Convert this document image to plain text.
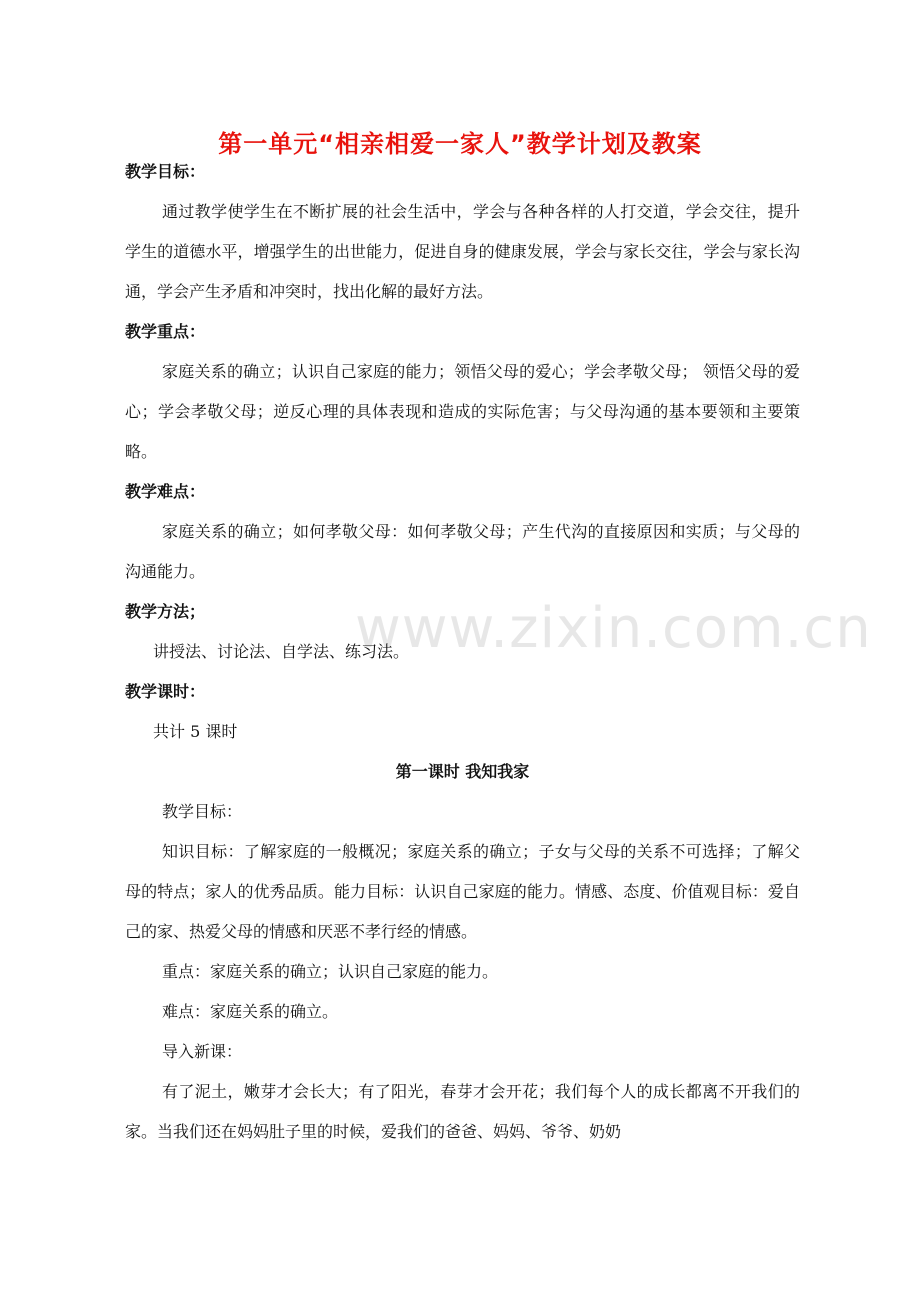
第一单元“相亲相爱一家人”教学计划及教案
www.zixin.com.cn

教学目标：

通过教学使学生在不断扩展的社会生活中，学会与各种各样的人打交道，学会交往，提升学生的道德水平，增强学生的出世能力，促进自身的健康发展，学会与家长交往，学会与家长沟通，学会产生矛盾和冲突时，找出化解的最好方法。

教学重点：

家庭关系的确立；认识自己家庭的能力；领悟父母的爱心；学会孝敬父母； 领悟父母的爱心；学会孝敬父母；逆反心理的具体表现和造成的实际危害；与父母沟通的基本要领和主要策略。

教学难点：

家庭关系的确立；如何孝敬父母：如何孝敬父母；产生代沟的直接原因和实质；与父母的沟通能力。

教学方法；

讲授法、讨论法、自学法、练习法。

教学课时：

共计 5 课时

第一课时 我知我家

教学目标：

知识目标：了解家庭的一般概况；家庭关系的确立；子女与父母的关系不可选择；了解父母的特点；家人的优秀品质。能力目标：认识自己家庭的能力。情感、态度、价值观目标：爱自己的家、热爱父母的情感和厌恶不孝行经的情感。

重点：家庭关系的确立；认识自己家庭的能力。

难点：家庭关系的确立。

导入新课：

有了泥土，嫩芽才会长大；有了阳光，春芽才会开花；我们每个人的成长都离不开我们的家。当我们还在妈妈肚子里的时候，爱我们的爸爸、妈妈、爷爷、奶奶
